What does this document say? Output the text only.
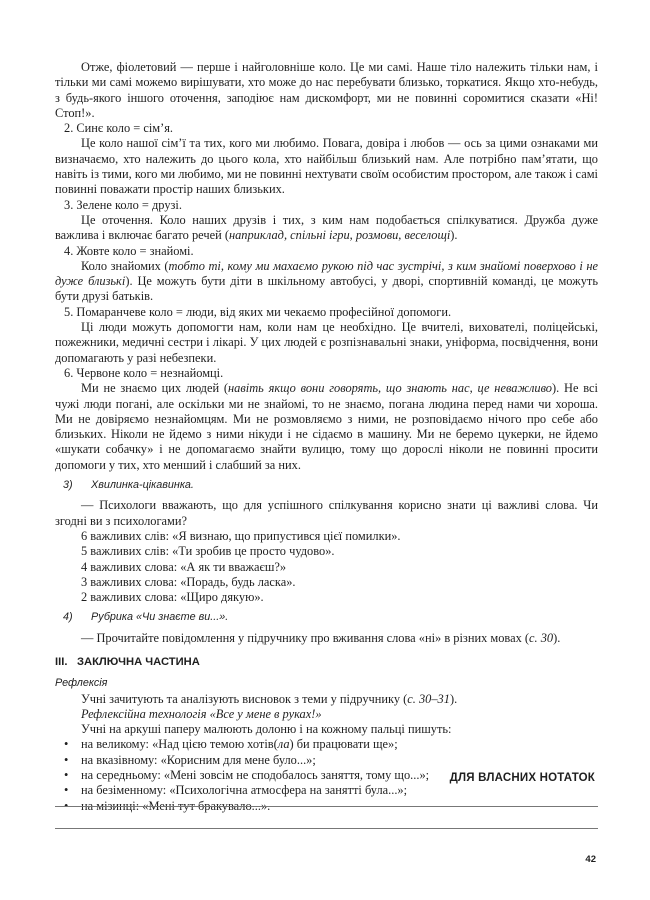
Отже, фіолетовий — перше і найголовніше коло. Це ми самі. Наше тіло належить тільки нам, і тільки ми самі можемо вирішувати, хто може до нас перебувати близько, торкатися. Якщо хто-небудь, з будь-якого іншого оточення, заподіює нам дискомфорт, ми не повинні соромитися сказати «Ні! Стоп!».

2. Синє коло = сім’я.

Це коло нашої сім’ї та тих, кого ми любимо. Повага, довіра і любов — ось за цими ознаками ми визначаємо, хто належить до цього кола, хто найбільш близький нам. Але потрібно пам’ятати, що навіть із тими, кого ми любимо, ми не повинні нехтувати своїм особистим простором, але також і самі повинні поважати простір наших близьких.

3. Зелене коло = друзі.

Це оточення. Коло наших друзів і тих, з ким нам подобається спілкуватися. Дружба дуже важлива і включає багато речей (наприклад, спільні ігри, розмови, веселощі).

4. Жовте коло = знайомі.

Коло знайомих (тобто ті, кому ми махаємо рукою під час зустрічі, з ким знайомі поверхово і не дуже близькі). Це можуть бути діти в шкільному автобусі, у дворі, спортивній команді, це можуть бути друзі батьків.

5. Помаранчеве коло = люди, від яких ми чекаємо професійної допомоги.

Ці люди можуть допомогти нам, коли нам це необхідно. Це вчителі, вихователі, поліцейські, пожежники, медичні сестри і лікарі. У цих людей є розпізнавальні знаки, уніформа, посвідчення, вони допомагають у разі небезпеки.

6. Червоне коло = незнайомці.

Ми не знаємо цих людей (навіть якщо вони говорять, що знають нас, це неважливо). Не всі чужі люди погані, але оскільки ми не знайомі, то не знаємо, погана людина перед нами чи хороша. Ми не довіряємо незнайомцям. Ми не розмовляємо з ними, не розповідаємо нічого про себе або близьких. Ніколи не йдемо з ними нікуди і не сідаємо в машину. Ми не беремо цукерки, не йдемо «шукати собачку» і не допомагаємо знайти вулицю, тому що дорослі ніколи не повинні просити допомоги у тих, хто менший і слабший за них.

3) Хвилинка-цікавинка.

— Психологи вважають, що для успішного спілкування корисно знати ці важливі слова. Чи згодні ви з психологами?

6 важливих слів: «Я визнаю, що припустився цієї помилки».

5 важливих слів: «Ти зробив це просто чудово».

4 важливих слова: «А як ти вважаєш?»

3 важливих слова: «Порадь, будь ласка».

2 важливих слова: «Щиро дякую».

4) Рубрика «Чи знаєте ви...».

— Прочитайте повідомлення у підручнику про вживання слова «ні» в різних мовах (с. 30).

ІІІ. ЗАКЛЮЧНА ЧАСТИНА

Рефлексія

Учні зачитують та аналізують висновок з теми у підручнику (с. 30–31).

Рефлексійна технологія «Все у мене в руках!»

Учні на аркуші паперу малюють долоню і на кожному пальці пишуть:

• на великому: «Над цією темою хотів(ла) би працювати ще»;

• на вказівному: «Корисним для мене було...»;

• на середньому: «Мені зовсім не сподобалось заняття, тому що...»;

• на безіменному: «Психологічна атмосфера на занятті була...»;

• на мізинці: «Мені тут бракувало...».

ДЛЯ ВЛАСНИХ НОТАТОК
42
